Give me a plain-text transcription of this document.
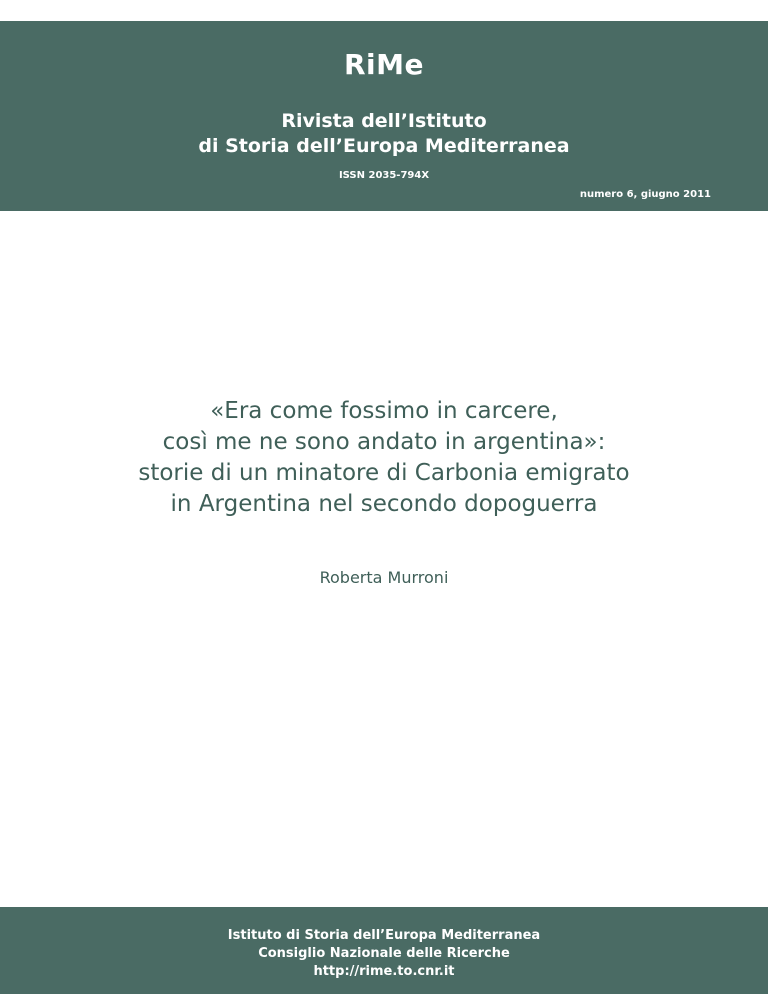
RiMe
Rivista dell’Istituto
di Storia dell’Europa Mediterranea
ISSN 2035-794X
numero 6, giugno 2011
«Era come fossimo in carcere,
così me ne sono andato in argentina»:
storie di un minatore di Carbonia emigrato
in Argentina nel secondo dopoguerra
Roberta Murroni
Istituto di Storia dell’Europa Mediterranea
Consiglio Nazionale delle Ricerche
http://rime.to.cnr.it
